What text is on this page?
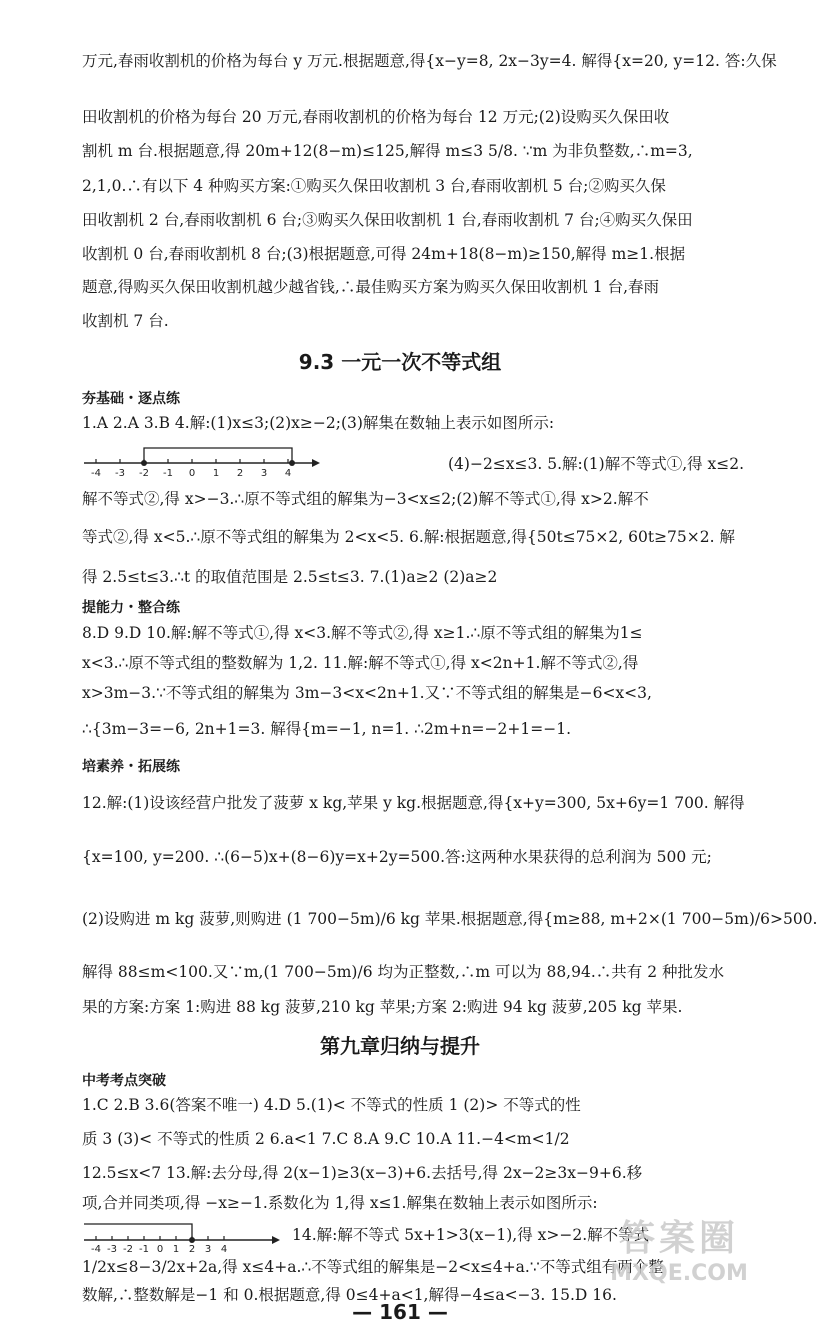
万元,春雨收割机的价格为每台 y 万元.根据题意,得{x−y=8, 2x−3y=4. 解得{x=20, y=12. 答:久保
田收割机的价格为每台 20 万元,春雨收割机的价格为每台 12 万元;(2)设购买久保田收
割机 m 台.根据题意,得 20m+12(8−m)≤125,解得 m≤3 5/8. ∵m 为非负整数,∴m=3,
2,1,0.∴有以下 4 种购买方案:①购买久保田收割机 3 台,春雨收割机 5 台;②购买久保
田收割机 2 台,春雨收割机 6 台;③购买久保田收割机 1 台,春雨收割机 7 台;④购买久保田
收割机 0 台,春雨收割机 8 台;(3)根据题意,可得 24m+18(8−m)≥150,解得 m≥1.根据
题意,得购买久保田收割机越少越省钱,∴最佳购买方案为购买久保田收割机 1 台,春雨
收割机 7 台.
9.3 一元一次不等式组
夯基础・逐点练
1.A 2.A 3.B 4.解:(1)x≤3;(2)x≥−2;(3)解集在数轴上表示如图所示:
-4 -3 -2 -1 0 1 2 3 4
(4)−2≤x≤3. 5.解:(1)解不等式①,得 x≤2.
解不等式②,得 x>−3.∴原不等式组的解集为−3<x≤2;(2)解不等式①,得 x>2.解不
等式②,得 x<5.∴原不等式组的解集为 2<x<5. 6.解:根据题意,得{50t≤75×2, 60t≥75×2. 解
得 2.5≤t≤3.∴t 的取值范围是 2.5≤t≤3. 7.(1)a≥2 (2)a≥2
提能力・整合练
8.D 9.D 10.解:解不等式①,得 x<3.解不等式②,得 x≥1.∴原不等式组的解集为1≤
x<3.∴原不等式组的整数解为 1,2. 11.解:解不等式①,得 x<2n+1.解不等式②,得
x>3m−3.∵不等式组的解集为 3m−3<x<2n+1.又∵不等式组的解集是−6<x<3,
∴{3m−3=−6, 2n+1=3. 解得{m=−1, n=1. ∴2m+n=−2+1=−1.
培素养・拓展练
12.解:(1)设该经营户批发了菠萝 x kg,苹果 y kg.根据题意,得{x+y=300, 5x+6y=1 700. 解得
{x=100, y=200. ∴(6−5)x+(8−6)y=x+2y=500.答:这两种水果获得的总利润为 500 元;
(2)设购进 m kg 菠萝,则购进 (1 700−5m)/6 kg 苹果.根据题意,得{m≥88, m+2×(1 700−5m)/6>500.
解得 88≤m<100.又∵m,(1 700−5m)/6 均为正整数,∴m 可以为 88,94.∴共有 2 种批发水
果的方案:方案 1:购进 88 kg 菠萝,210 kg 苹果;方案 2:购进 94 kg 菠萝,205 kg 苹果.
第九章归纳与提升
中考考点突破
1.C 2.B 3.6(答案不唯一) 4.D 5.(1)< 不等式的性质 1 (2)> 不等式的性
质 3 (3)< 不等式的性质 2 6.a<1 7.C 8.A 9.C 10.A 11.−4<m<1/2
12.5≤x<7 13.解:去分母,得 2(x−1)≥3(x−3)+6.去括号,得 2x−2≥3x−9+6.移
项,合并同类项,得 −x≥−1.系数化为 1,得 x≤1.解集在数轴上表示如图所示:
-4 -3 -2 -1 0 1 2 3 4
14.解:解不等式 5x+1>3(x−1),得 x>−2.解不等式
1/2x≤8−3/2x+2a,得 x≤4+a.∴不等式组的解集是−2<x≤4+a.∵不等式组有两个整
数解,∴整数解是−1 和 0.根据题意,得 0≤4+a<1,解得−4≤a<−3. 15.D 16.
— 161 —
答案圈
MXQE.COM
